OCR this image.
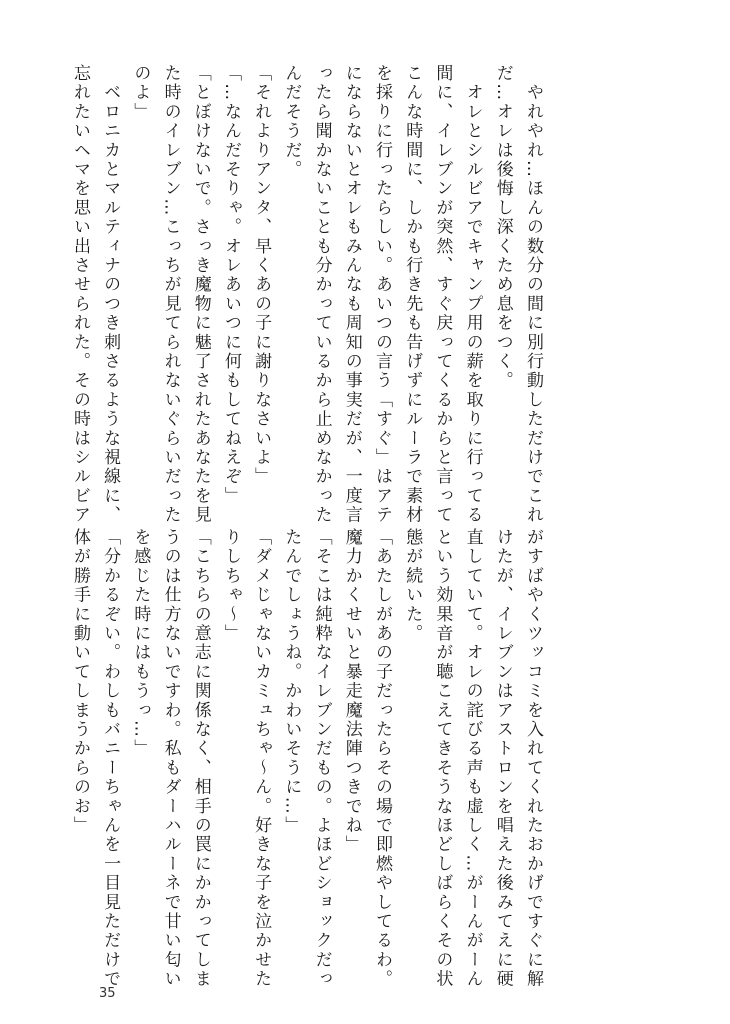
　やれやれ…ほんの数分の間に別行動しただけでこれ
だ…オレは後悔し深くため息をつく。
　オレとシルビアでキャンプ用の薪を取りに行ってる
間に、イレブンが突然、すぐ戻ってくるからと言って
こんな時間に、しかも行き先も告げずにルーラで素材
を採りに行ったらしい。あいつの言う「すぐ」はアテ
にならないとオレもみんなも周知の事実だが、一度言
ったら聞かないことも分かっているから止めなかった
んだそうだ。
「それよりアンタ、早くあの子に謝りなさいよ」
「…なんだそりゃ。オレあいつに何もしてねえぞ」
「とぼけないで。さっき魔物に魅了されたあなたを見
た時のイレブン…こっちが見てられないぐらいだった
のよ」
　ベロニカとマルティナのつき刺さるような視線に、
忘れたいヘマを思い出させられた。その時はシルビア
がすばやくツッコミを入れてくれたおかげですぐに解
けたが、イレブンはアストロンを唱えた後みてえに硬
直していて。オレの詫びる声も虚しく…がーんがーん
という効果音が聴こえてきそうなほどしばらくその状
態が続いた。
「あたしがあの子だったらその場で即燃やしてるわ。
魔力かくせいと暴走魔法陣つきでね」
「そこは純粋なイレブンだもの。よほどショックだっ
たんでしょうね。かわいそうに…」
「ダメじゃないカミュちゃ～ん。好きな子を泣かせた
りしちゃ～」
「こちらの意志に関係なく、相手の罠にかかってしま
うのは仕方ないですわ。私もダーハルーネで甘い匂い
を感じた時にはもうっ…」
「分かるぞい。わしもバニーちゃんを一目見ただけで
体が勝手に動いてしまうからのお」
35
